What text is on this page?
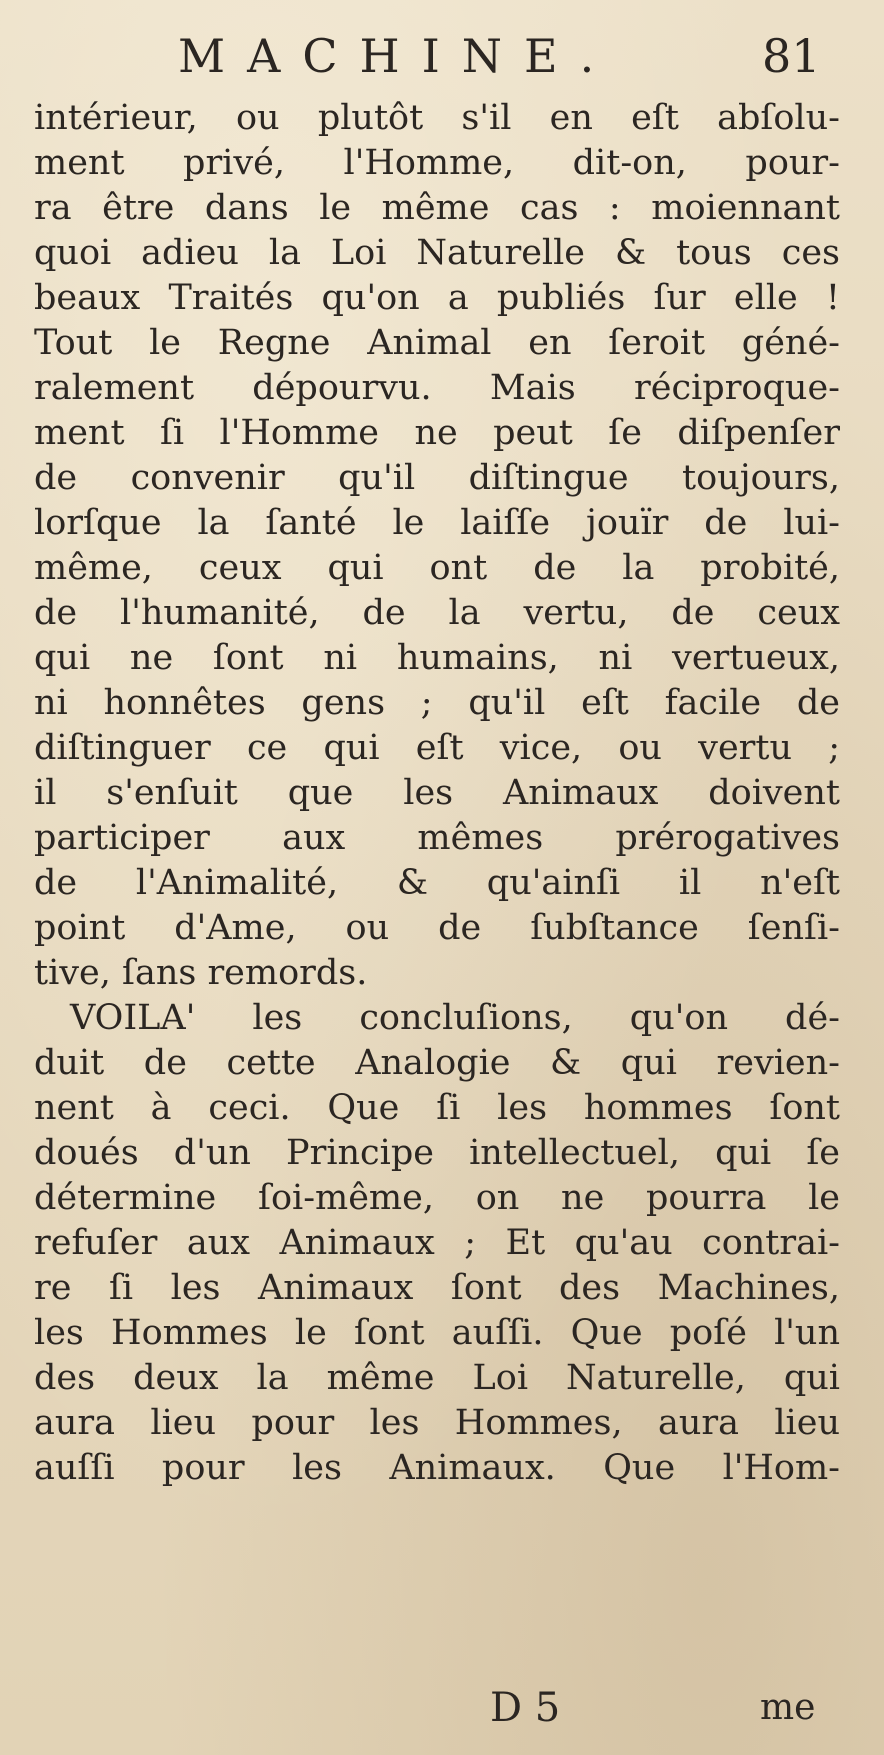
MACHINE.	81
intérieur, ou plutôt s'il en eſt abſolu-
ment privé, l'Homme, dit-on, pour-
ra être dans le même cas : moiennant
quoi adieu la Loi Naturelle & tous ces
beaux Traités qu'on a publiés ſur elle !
Tout le Regne Animal en ſeroit géné-
ralement dépourvu. Mais réciproque-
ment ſi l'Homme ne peut ſe diſpenſer
de convenir qu'il diſtingue toujours,
lorſque la ſanté le laiſſe jouïr de lui-
même, ceux qui ont de la probité,
de l'humanité, de la vertu, de ceux
qui ne ſont ni humains, ni vertueux,
ni honnêtes gens ; qu'il eſt facile de
diſtinguer ce qui eſt vice, ou vertu ;
il s'enſuit que les Animaux doivent
participer aux mêmes prérogatives
de l'Animalité, & qu'ainſi il n'eſt
point d'Ame, ou de ſubſtance ſenſi-
tive, ſans remords.
VOILA' les concluſions, qu'on dé-
duit de cette Analogie & qui revien-
nent à ceci. Que ſi les hommes ſont
doués d'un Principe intellectuel, qui ſe
détermine ſoi-même, on ne pourra le
refuſer aux Animaux ; Et qu'au contrai-
re ſi les Animaux ſont des Machines,
les Hommes le ſont auſſi. Que poſé l'un
des deux la même Loi Naturelle, qui
aura lieu pour les Hommes, aura lieu
auſſi pour les Animaux. Que l'Hom-
D 5	me
